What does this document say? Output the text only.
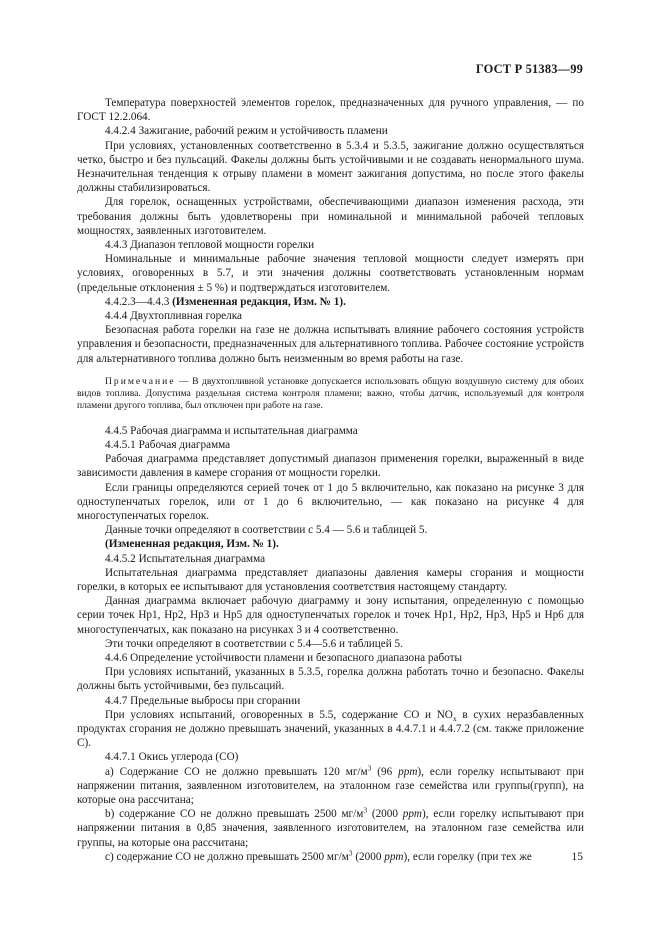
ГОСТ Р 51383—99

Температура поверхностей элементов горелок, предназначенных для ручного управления, — по ГОСТ 12.2.064.

4.4.2.4 Зажигание, рабочий режим и устойчивость пламени

При условиях, установленных соответственно в 5.3.4 и 5.3.5, зажигание должно осуществляться четко, быстро и без пульсаций. Факелы должны быть устойчивыми и не создавать ненормального шума. Незначительная тенденция к отрыву пламени в момент зажигания допустима, но после этого факелы должны стабилизироваться.

Для горелок, оснащенных устройствами, обеспечивающими диапазон изменения расхода, эти требования должны быть удовлетворены при номинальной и минимальной рабочей тепловых мощностях, заявленных изготовителем.

4.4.3 Диапазон тепловой мощности горелки

Номинальные и минимальные рабочие значения тепловой мощности следует измерять при условиях, оговоренных в 5.7, и эти значения должны соответствовать установленным нормам (предельные отклонения ± 5 %) и подтверждаться изготовителем.

4.4.2.3—4.4.3 (Измененная редакция, Изм. № 1).

4.4.4 Двухтопливная горелка

Безопасная работа горелки на газе не должна испытывать влияние рабочего состояния устройств управления и безопасности, предназначенных для альтернативного топлива. Рабочее состояние устройств для альтернативного топлива должно быть неизменным во время работы на газе.

Примечание — В двухтопливной установке допускается использовать общую воздушную систему для обоих видов топлива. Допустима раздельная система контроля пламени; важно, чтобы датчик, используемый для контроля пламени другого топлива, был отключен при работе на газе.

4.4.5 Рабочая диаграмма и испытательная диаграмма

4.4.5.1 Рабочая диаграмма

Рабочая диаграмма представляет допустимый диапазон применения горелки, выраженный в виде зависимости давления в камере сгорания от мощности горелки.

Если границы определяются серией точек от 1 до 5 включительно, как показано на рисунке 3 для одноступенчатых горелок, или от 1 до 6 включительно, — как показано на рисунке 4 для многоступенчатых горелок.

Данные точки определяют в соответствии с 5.4 — 5.6 и таблицей 5.

(Измененная редакция, Изм. № 1).

4.4.5.2 Испытательная диаграмма

Испытательная диаграмма представляет диапазоны давления камеры сгорания и мощности горелки, в которых ее испытывают для установления соответствия настоящему стандарту.

Данная диаграмма включает рабочую диаграмму и зону испытания, определенную с помощью серии точек Нр1, Нр2, Нр3 и Нр5 для одноступенчатых горелок и точек Нр1, Нр2, Нр3, Нр5 и Нр6 для многоступенчатых, как показано на рисунках 3 и 4 соответственно.

Эти точки определяют в соответствии с 5.4—5.6 и таблицей 5.

4.4.6 Определение устойчивости пламени и безопасного диапазона работы

При условиях испытаний, указанных в 5.3.5, горелка должна работать точно и безопасно. Факелы должны быть устойчивыми, без пульсаций.

4.4.7 Предельные выбросы при сгорании

При условиях испытаний, оговоренных в 5.5, содержание СО и $NO_x$ в сухих неразбавленных продуктах сгорания не должно превышать значений, указанных в 4.4.7.1 и 4.4.7.2 (см. также приложение С).

4.4.7.1 Окись углерода (СО)

а) Содержание СО не должно превышать 120 $мг/м^3$ (96 ppm), если горелку испытывают при напряжении питания, заявленном изготовителем, на эталонном газе семейства или группы(групп), на которые она рассчитана;

b) содержание СО не должно превышать 2500 $мг/м^3$ (2000 ppm), если горелку испытывают при напряжении питания в 0,85 значения, заявленного изготовителем, на эталонном газе семейства или группы, на которые она рассчитана;

с) содержание СО не должно превышать 2500 $мг/м^3$ (2000 ppm), если горелку (при тех же	15
